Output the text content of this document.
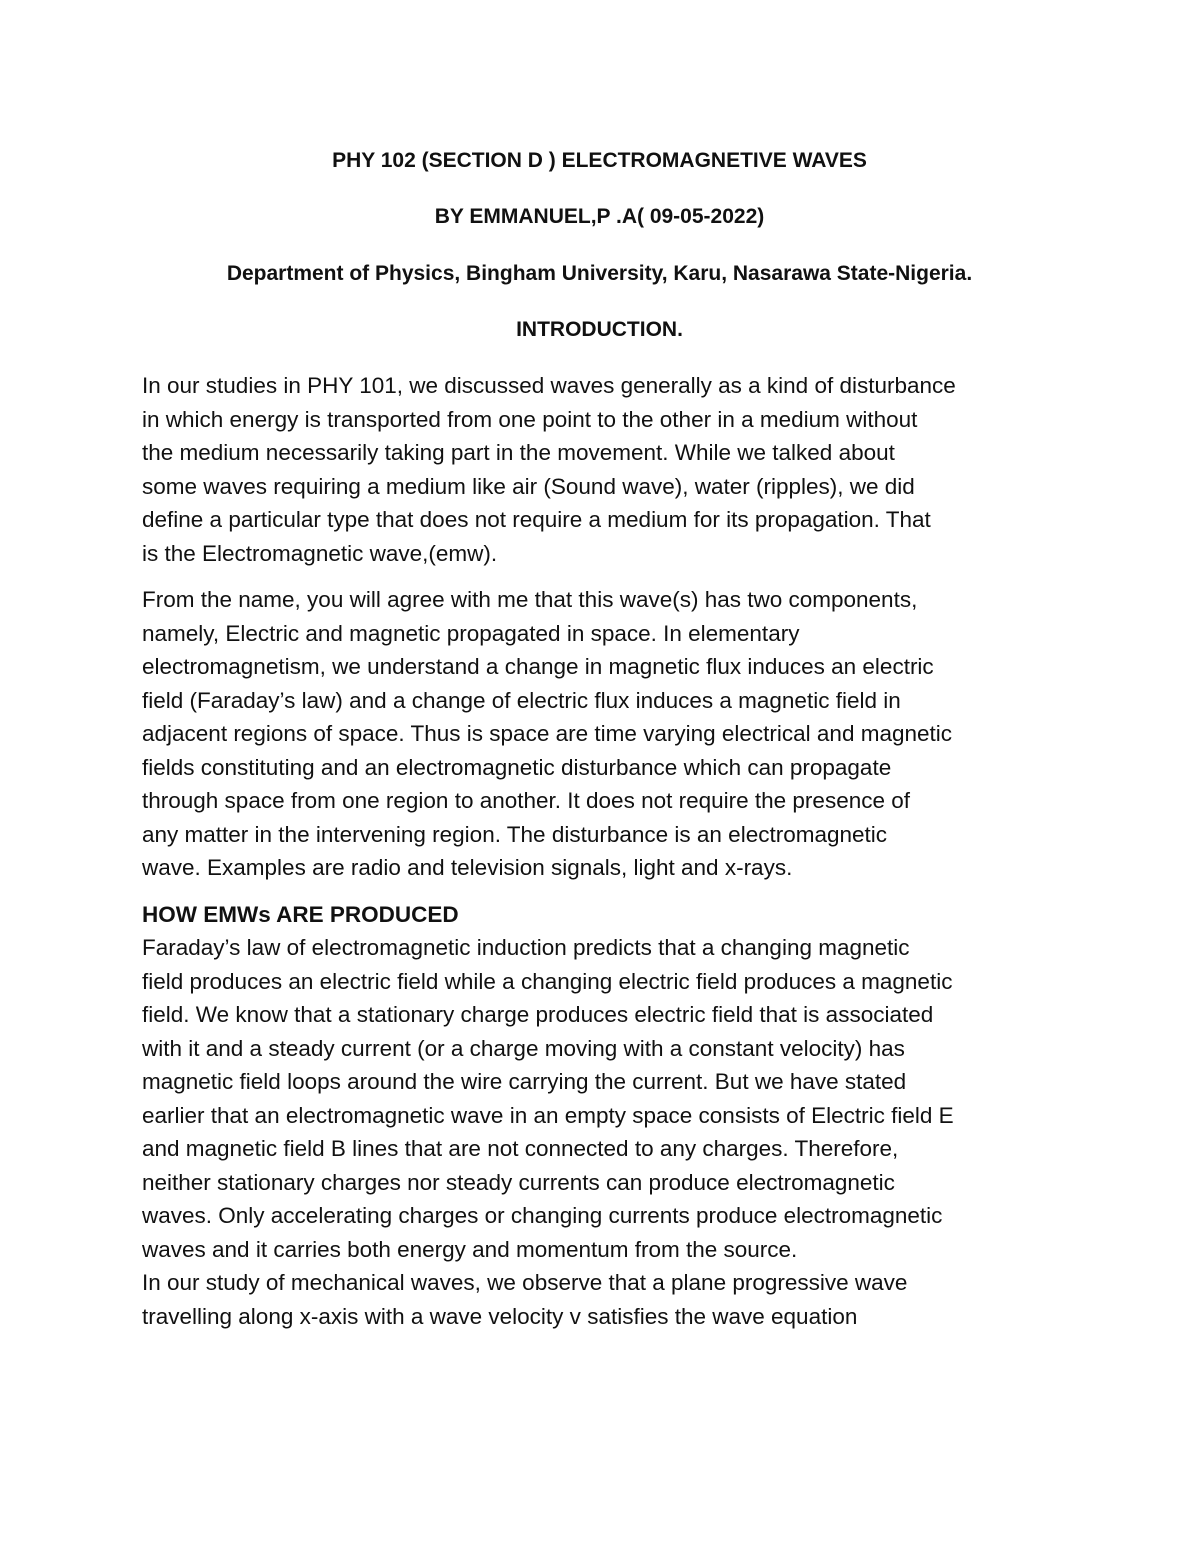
PHY 102 (SECTION D ) ELECTROMAGNETIVE WAVES

BY EMMANUEL,P .A( 09-05-2022)

Department of Physics, Bingham University, Karu, Nasarawa State-Nigeria.

INTRODUCTION.

In our studies in PHY 101, we discussed waves generally as a kind of disturbance
in which energy is transported from one point to the other in a medium without
the medium necessarily taking part in the movement. While we talked about
some waves requiring a medium like air (Sound wave), water (ripples), we did
define a particular type that does not require a medium for its propagation. That
is the Electromagnetic wave,(emw).

From the name, you will agree with me that this wave(s) has two components,
namely, Electric and magnetic propagated in space. In elementary
electromagnetism, we understand a change in magnetic flux induces an electric
field (Faraday’s law) and a change of electric flux induces a magnetic field in
adjacent regions of space. Thus is space are time varying electrical and magnetic
fields constituting and an electromagnetic disturbance which can propagate
through space from one region to another. It does not require the presence of
any matter in the intervening region. The disturbance is an electromagnetic
wave. Examples are radio and television signals, light and x-rays.

HOW EMWs ARE PRODUCED

Faraday’s law of electromagnetic induction predicts that a changing magnetic
field produces an electric field while a changing electric field produces a magnetic
field. We know that a stationary charge produces electric field that is associated
with it and a steady current (or a charge moving with a constant velocity) has
magnetic field loops around the wire carrying the current. But we have stated
earlier that an electromagnetic wave in an empty space consists of Electric field E
and magnetic field B lines that are not connected to any charges. Therefore,
neither stationary charges nor steady currents can produce electromagnetic
waves. Only accelerating charges or changing currents produce electromagnetic
waves and it carries both energy and momentum from the source.

In our study of mechanical waves, we observe that a plane progressive wave
travelling along x-axis with a wave velocity v satisfies the wave equation
